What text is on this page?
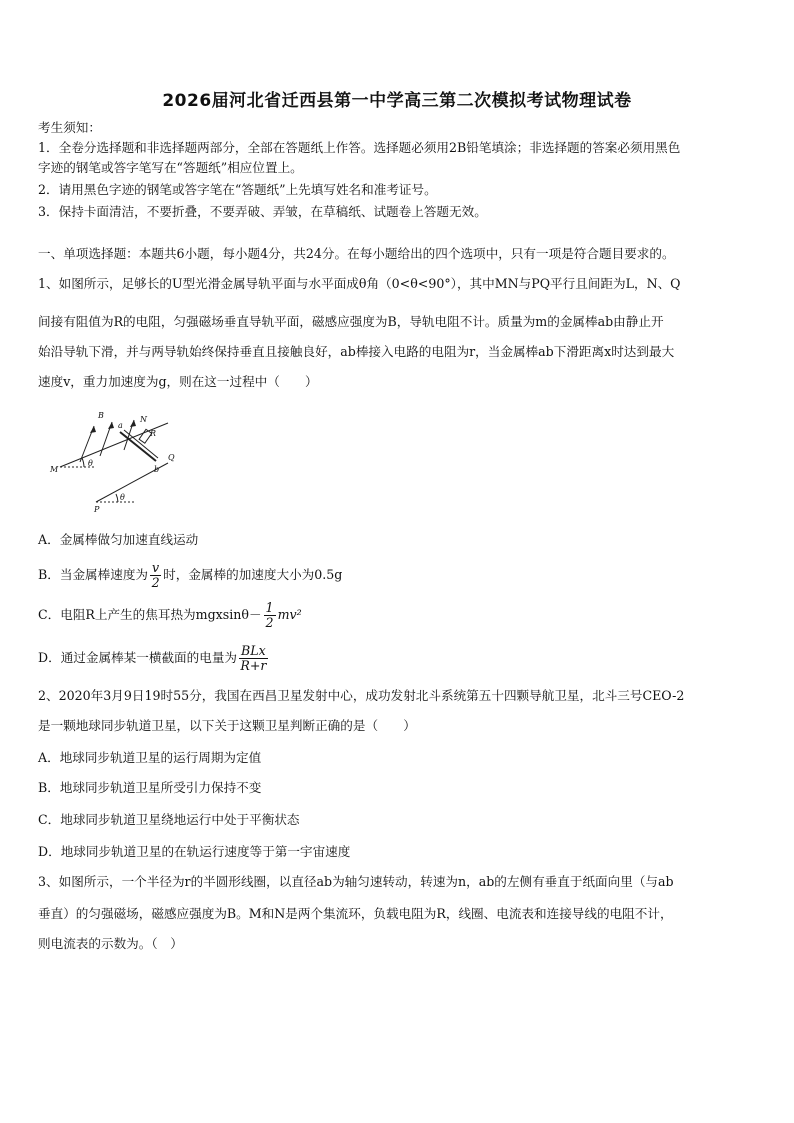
2026届河北省迁西县第一中学高三第二次模拟考试物理试卷
考生须知：
1．全卷分选择题和非选择题两部分，全部在答题纸上作答。选择题必须用2B铅笔填涂；非选择题的答案必须用黑色
字迹的钢笔或答字笔写在“答题纸”相应位置上。
2．请用黑色字迹的钢笔或答字笔在“答题纸”上先填写姓名和准考证号。
3．保持卡面清洁，不要折叠，不要弄破、弄皱，在草稿纸、试题卷上答题无效。
一、单项选择题：本题共6小题，每小题4分，共24分。在每小题给出的四个选项中，只有一项是符合题目要求的。
1、如图所示，足够长的U型光滑金属导轨平面与水平面成θ角（0<θ<90°），其中MN与PQ平行且间距为L，N、Q
间接有阻值为R的电阻，匀强磁场垂直导轨平面，磁感应强度为B，导轨电阻不计。质量为m的金属棒ab由静止开
始沿导轨下滑，并与两导轨始终保持垂直且接触良好，ab棒接入电路的电阻为r，当金属棒ab下滑距离x时达到最大
速度v，重力加速度为g，则在这一过程中（　　）
B	N
a
R
Q
M	b
θ
θ
P
A．金属棒做匀加速直线运动
B．当金属棒速度为 $\frac{v}{2}$ 时，金属棒的加速度大小为0.5g
C．电阻R上产生的焦耳热为$mgxsin\theta- \frac{1}{2} mv^2$
D．通过金属棒某一横截面的电量为 $\frac{\text{BLx}}{R+r}$
2、2020年3月9日19时55分，我国在西昌卫星发射中心，成功发射北斗系统第五十四颗导航卫星，北斗三号CEO-2
是一颗地球同步轨道卫星，以下关于这颗卫星判断正确的是（　　）
A．地球同步轨道卫星的运行周期为定值
B．地球同步轨道卫星所受引力保持不变
C．地球同步轨道卫星绕地运行中处于平衡状态
D．地球同步轨道卫星的在轨运行速度等于第一宇宙速度
3、如图所示，一个半径为r的半圆形线圈，以直径ab为轴匀速转动，转速为n，ab的左侧有垂直于纸面向里（与ab
垂直）的匀强磁场，磁感应强度为B。M和N是两个集流环，负载电阻为R，线圈、电流表和连接导线的电阻不计，
则电流表的示数为。（　）
